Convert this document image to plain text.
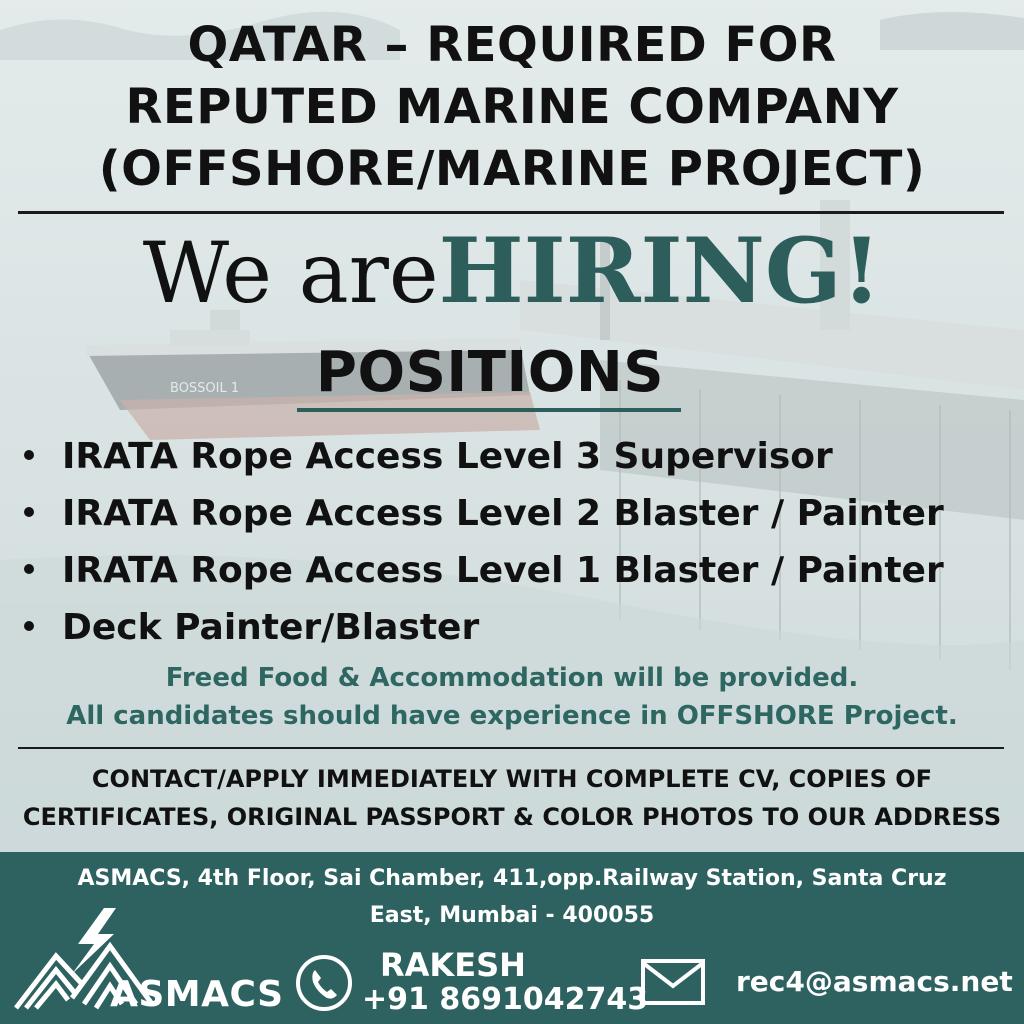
QATAR – REQUIRED FOR
REPUTED MARINE COMPANY
(OFFSHORE/MARINE PROJECT)
We areHIRING!
POSITIONS
IRATA Rope Access Level 3 Supervisor
IRATA Rope Access Level 2 Blaster / Painter
IRATA Rope Access Level 1 Blaster / Painter
Deck Painter/Blaster
Freed Food & Accommodation will be provided.
All candidates should have experience in OFFSHORE Project.
CONTACT/APPLY IMMEDIATELY WITH COMPLETE CV, COPIES OF
CERTIFICATES, ORIGINAL PASSPORT & COLOR PHOTOS TO OUR ADDRESS
ASMACS, 4th Floor, Sai Chamber, 411,opp.Railway Station, Santa Cruz
East, Mumbai - 400055
ASMACS
RAKESH
+91 8691042743
rec4@asmacs.net
